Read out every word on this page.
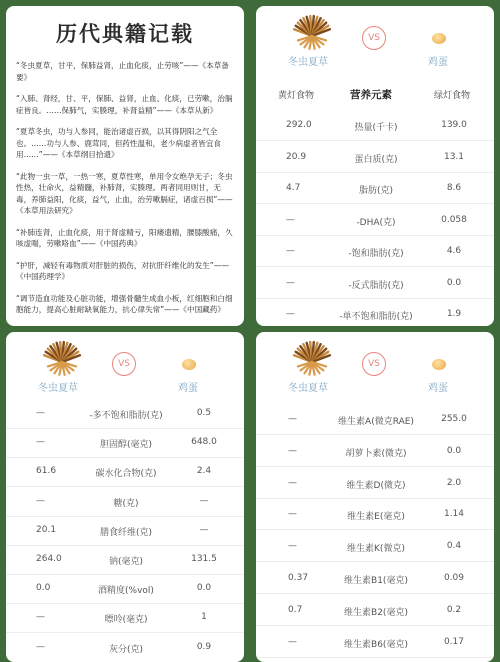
历代典籍记载

“冬虫夏草，甘平，保肺益肾，止血化痰，止劳咳”——《本草备要》

“入肺、肾经，甘、平，保肺、益肾，止血、化痰，已劳嗽，治膈症皆良。……保肺气，实腠理，补肾益精”——《本草从新》

“夏草冬虫，功与人参同，能治诸虚百损，以其得阴阳之气全也。……功与人参、鹿茸同，但药性温和，老少病虚者皆宜食用……”——《本草纲目拾遗》

“此物一虫一草，一热一寒，夏草性寒，单用令女绝孕无子；冬虫性热，壮命火，益精髓，补肺肾，实腠理。两者同用则甘，无毒，养肺益阳，化痰，益气，止血，治劳嗽膈症，诸虚百损”——《本草用法研究》

“补肺连肾，止血化痰，用于肾虚精亏，阳痿遗精，腰膝酸痛，久咳虚喘，劳嗽咯血”——《中国药典》

“护肝，减轻有毒物质对肝脏的损伤，对抗肝纤维化的发生”——《中国药理学》

“调节造血功能及心脏功能，增强骨髓生成血小板，红细胞和白细胞能力，提高心脏耐缺氧能力，抗心律失常”——《中国藏药》

VS
冬虫夏草	鸡蛋
黄灯食物	营养元素	绿灯食物
292.0	热量(千卡)	139.0
20.9	蛋白质(克)	13.1
4.7	脂肪(克)	8.6
—	-DHA(克)	0.058
—	-饱和脂肪(克)	4.6
—	-反式脂肪(克)	0.0
—	-单不饱和脂肪(克)	1.9
VS
冬虫夏草	鸡蛋
—	-多不饱和脂肪(克)	0.5
—	胆固醇(毫克)	648.0
61.6	碳水化合物(克)	2.4
—	糖(克)	—
20.1	膳食纤维(克)	—
264.0	钠(毫克)	131.5
0.0	酒精度(%vol)	0.0
—	嘌呤(毫克)	1
—	灰分(克)	0.9
VS
冬虫夏草	鸡蛋
—	维生素A(微克RAE)	255.0
—	胡萝卜素(微克)	0.0
—	维生素D(微克)	2.0
—	维生素E(毫克)	1.14
—	维生素K(微克)	0.4
0.37	维生素B1(毫克)	0.09
0.7	维生素B2(毫克)	0.2
—	维生素B6(毫克)	0.17
